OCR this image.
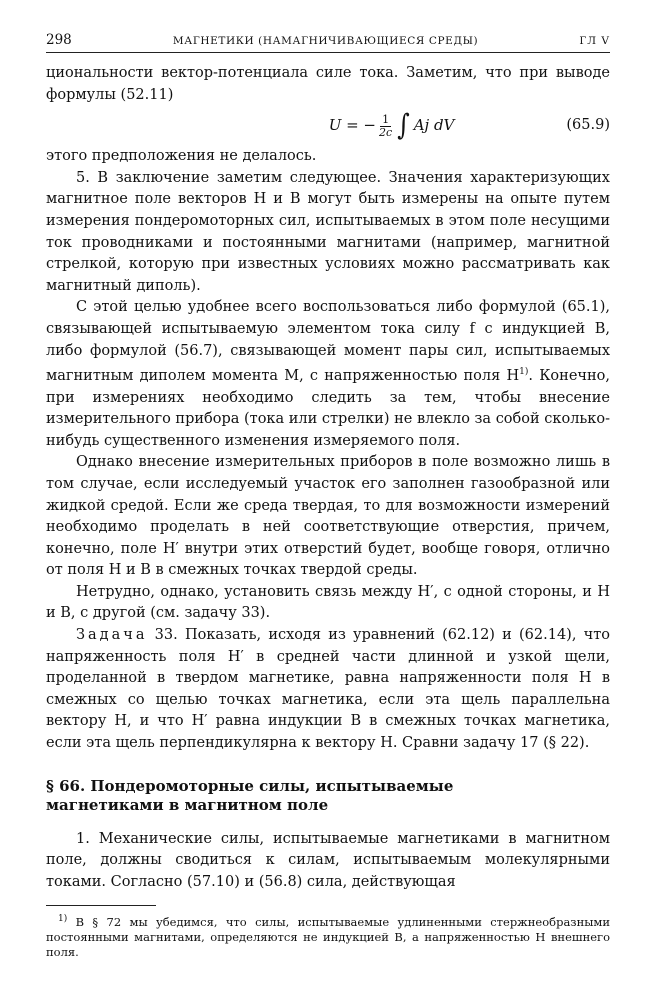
298	МАГНЕТИКИ (НАМАГНИЧИВАЮЩИЕСЯ СРЕДЫ)	ГЛ V

циональности вектор-потенциала силе тока. Заметим, что при выводе формулы (52.11)

U = − $\frac{1}{2c}$ ∫ Aj dV	(65.9)

этого предположения не делалось.

5. В заключение заметим следующее. Значения характеризующих магнитное поле векторов H и B могут быть измерены на опыте путем измерения пондеромоторных сил, испытываемых в этом поле несущими ток проводниками и постоянными магнитами (например, магнитной стрелкой, которую при известных условиях можно рассматривать как магнитный диполь).

С этой целью удобнее всего воспользоваться либо формулой (65.1), связывающей испытываемую элементом тока силу f с индукцией B, либо формулой (56.7), связывающей момент пары сил, испытываемых магнитным диполем момента M, с напряженностью поля $H^{1)}$. Конечно, при измерениях необходимо следить за тем, чтобы внесение измерительного прибора (тока или стрелки) не влекло за собой сколько-нибудь существенного изменения измеряемого поля.

Однако внесение измерительных приборов в поле возможно лишь в том случае, если исследуемый участок его заполнен газообразной или жидкой средой. Если же среда твердая, то для возможности измерений необходимо проделать в ней соответствующие отверстия, причем, конечно, поле H′ внутри этих отверстий будет, вообще говоря, отлично от поля H и B в смежных точках твердой среды.

Нетрудно, однако, установить связь между H′, с одной стороны, и H и B, с другой (см. задачу 33).

Задача 33. Показать, исходя из уравнений (62.12) и (62.14), что напряженность поля H′ в средней части длинной и узкой щели, проделанной в твердом магнетике, равна напряженности поля H в смежных со щелью точках магнетика, если эта щель параллельна вектору H, и что H′ равна индукции B в смежных точках магнетика, если эта щель перпендикулярна к вектору H. Сравни задачу 17 (§ 22).

§ 66. Пондеромоторные силы, испытываемые
магнетиками в магнитном поле

1. Механические силы, испытываемые магнетиками в магнитном поле, должны сводиться к силам, испытываемым молекулярными токами. Согласно (57.10) и (56.8) сила, действующая

$^{1)}$ В § 72 мы убедимся, что силы, испытываемые удлиненными стержнеобразными постоянными магнитами, определяются не индукцией B, а напряженностью H внешнего поля.
